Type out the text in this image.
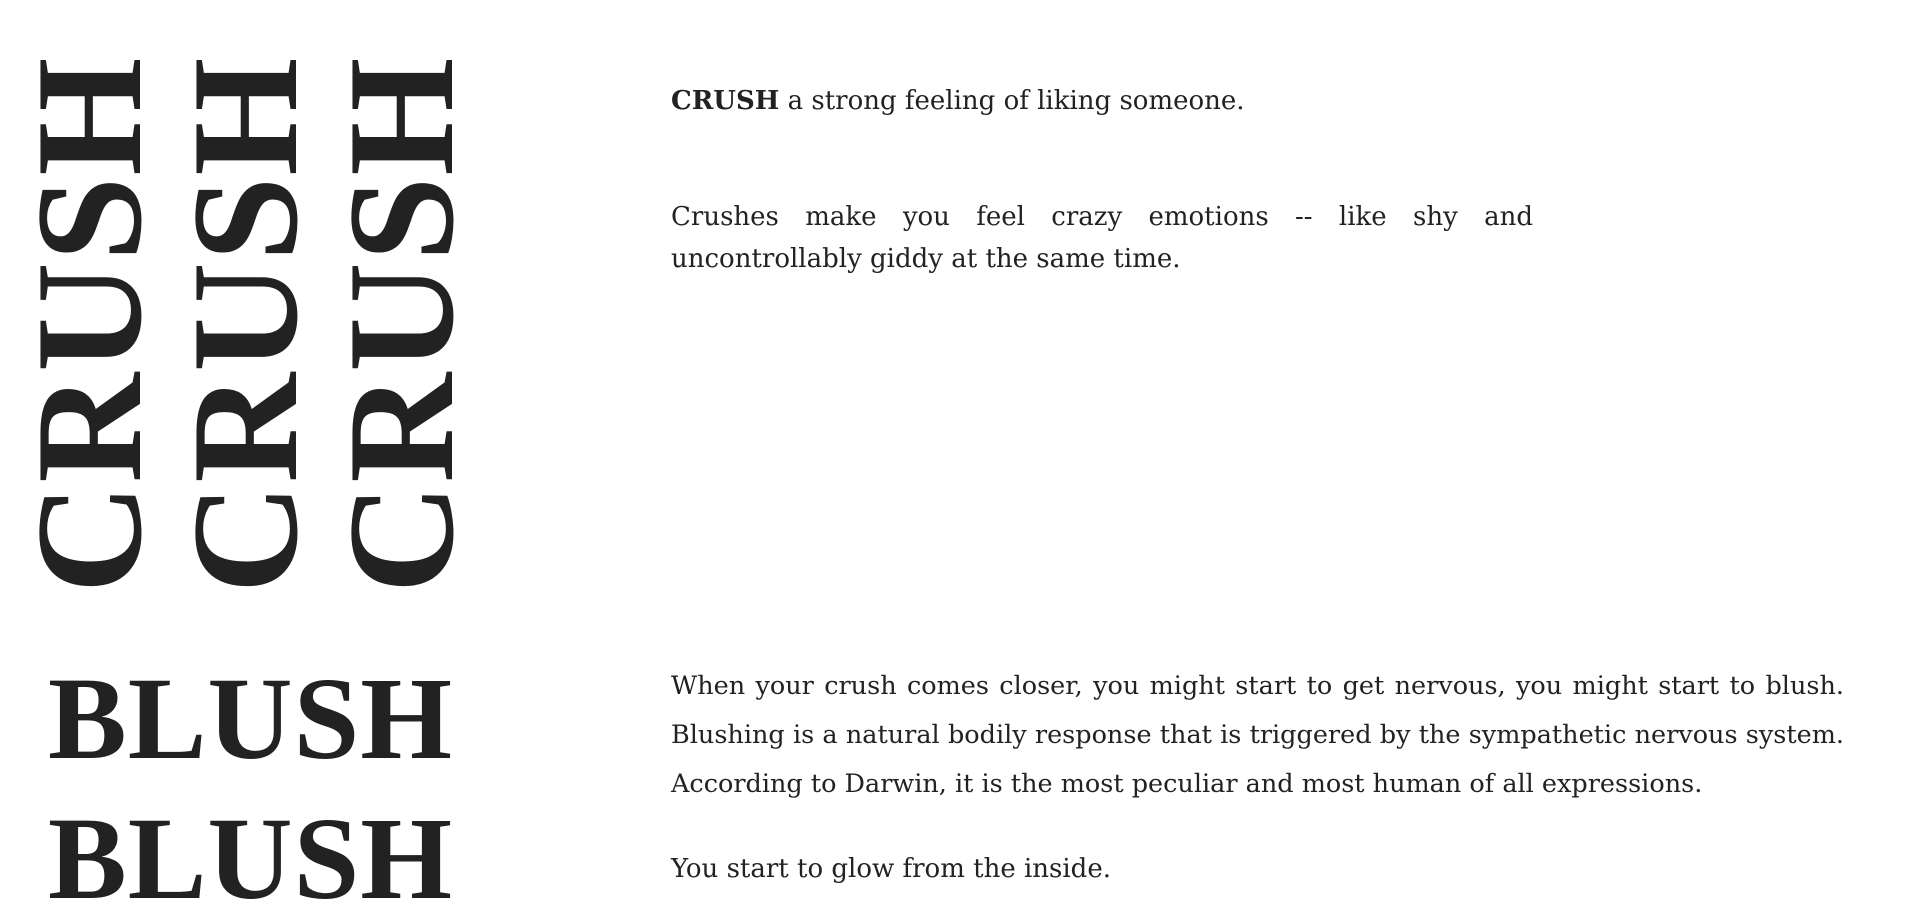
CRUSH
CRUSH
CRUSH
BLUSH
BLUSH

CRUSH a strong feeling of liking someone.

Crushes make you feel crazy emotions -- like shy and uncontrollably giddy at the same time.

When your crush comes closer, you might start to get nervous, you might start to blush. Blushing is a natural bodily response that is triggered by the sympathetic nervous system. According to Darwin, it is the most peculiar and most human of all expressions.

You start to glow from the inside.
